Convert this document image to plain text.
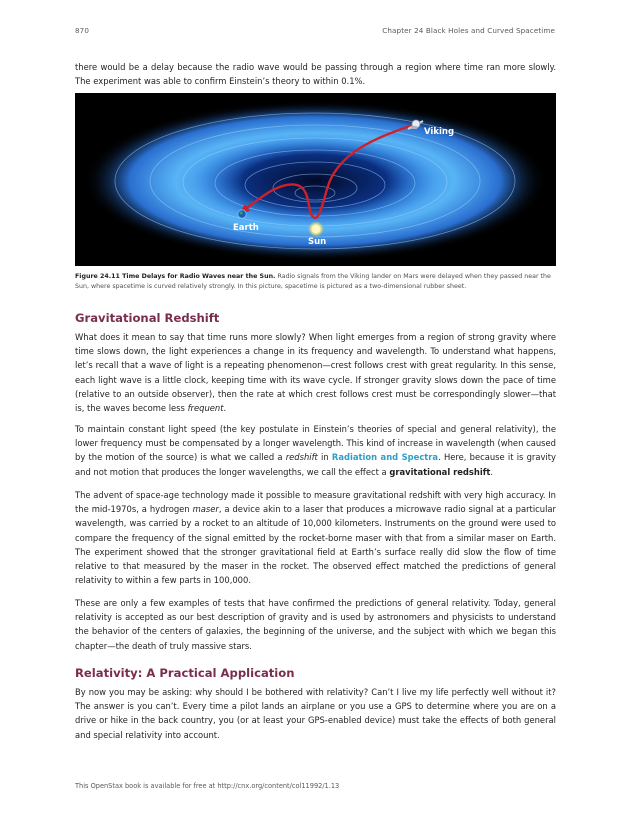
870	Chapter 24 Black Holes and Curved Spacetime

there would be a delay because the radio wave would be passing through a region where time ran more slowly. The experiment was able to confirm Einstein’s theory to within 0.1%.

Viking
Earth
Sun
Figure 24.11 Time Delays for Radio Waves near the Sun. Radio signals from the Viking lander on Mars were delayed when they passed near the Sun, where spacetime is curved relatively strongly. In this picture, spacetime is pictured as a two-dimensional rubber sheet.
Gravitational Redshift

What does it mean to say that time runs more slowly? When light emerges from a region of strong gravity where time slows down, the light experiences a change in its frequency and wavelength. To understand what happens, let’s recall that a wave of light is a repeating phenomenon—crest follows crest with great regularity. In this sense, each light wave is a little clock, keeping time with its wave cycle. If stronger gravity slows down the pace of time (relative to an outside observer), then the rate at which crest follows crest must be correspondingly slower—that is, the waves become less frequent.

To maintain constant light speed (the key postulate in Einstein’s theories of special and general relativity), the lower frequency must be compensated by a longer wavelength. This kind of increase in wavelength (when caused by the motion of the source) is what we called a redshift in Radiation and Spectra. Here, because it is gravity and not motion that produces the longer wavelengths, we call the effect a gravitational redshift.

The advent of space-age technology made it possible to measure gravitational redshift with very high accuracy. In the mid-1970s, a hydrogen maser, a device akin to a laser that produces a microwave radio signal at a particular wavelength, was carried by a rocket to an altitude of 10,000 kilometers. Instruments on the ground were used to compare the frequency of the signal emitted by the rocket-borne maser with that from a similar maser on Earth. The experiment showed that the stronger gravitational field at Earth’s surface really did slow the flow of time relative to that measured by the maser in the rocket. The observed effect matched the predictions of general relativity to within a few parts in 100,000.

These are only a few examples of tests that have confirmed the predictions of general relativity. Today, general relativity is accepted as our best description of gravity and is used by astronomers and physicists to understand the behavior of the centers of galaxies, the beginning of the universe, and the subject with which we began this chapter—the death of truly massive stars.

Relativity: A Practical Application

By now you may be asking: why should I be bothered with relativity? Can’t I live my life perfectly well without it? The answer is you can’t. Every time a pilot lands an airplane or you use a GPS to determine where you are on a drive or hike in the back country, you (or at least your GPS-enabled device) must take the effects of both general and special relativity into account.

This OpenStax book is available for free at http://cnx.org/content/col11992/1.13
